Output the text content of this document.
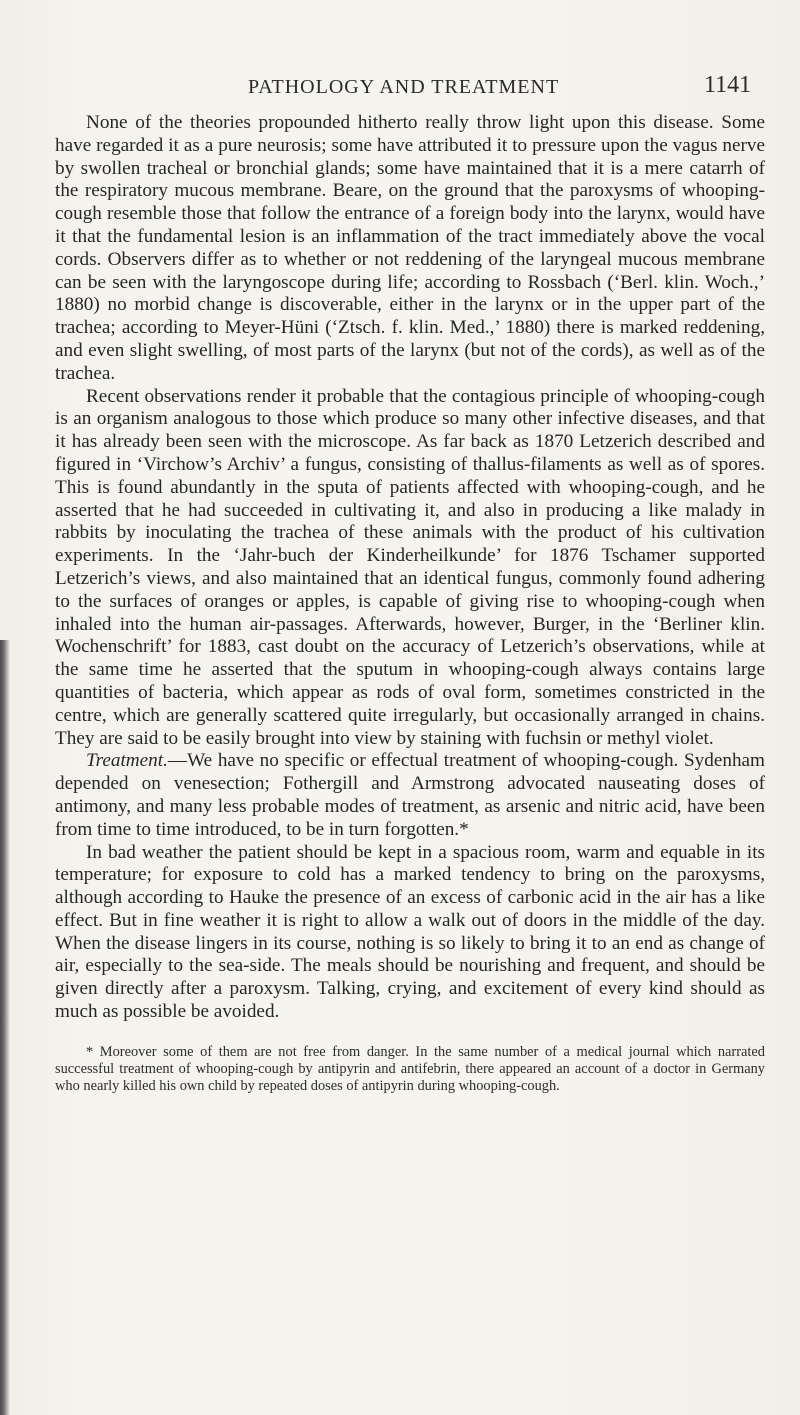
PATHOLOGY AND TREATMENT	1141

None of the theories propounded hitherto really throw light upon this disease. Some have regarded it as a pure neurosis; some have attributed it to pressure upon the vagus nerve by swollen tracheal or bronchial glands; some have maintained that it is a mere catarrh of the respiratory mucous membrane. Beare, on the ground that the paroxysms of whooping-cough resemble those that follow the entrance of a foreign body into the larynx, would have it that the fundamental lesion is an inflammation of the tract immediately above the vocal cords. Observers differ as to whether or not reddening of the laryngeal mucous membrane can be seen with the laryngoscope during life; according to Rossbach (‘Berl. klin. Woch.,’ 1880) no morbid change is discoverable, either in the larynx or in the upper part of the trachea; according to Meyer-Hüni (‘Ztsch. f. klin. Med.,’ 1880) there is marked reddening, and even slight swelling, of most parts of the larynx (but not of the cords), as well as of the trachea.

Recent observations render it probable that the contagious principle of whooping-cough is an organism analogous to those which produce so many other infective diseases, and that it has already been seen with the microscope. As far back as 1870 Letzerich described and figured in ‘Virchow’s Archiv’ a fungus, consisting of thallus-filaments as well as of spores. This is found abundantly in the sputa of patients affected with whooping-cough, and he asserted that he had succeeded in cultivating it, and also in producing a like malady in rabbits by inoculating the trachea of these animals with the product of his cultivation experiments. In the ‘Jahr-buch der Kinderheilkunde’ for 1876 Tschamer supported Letzerich’s views, and also maintained that an identical fungus, commonly found adhering to the surfaces of oranges or apples, is capable of giving rise to whooping-cough when inhaled into the human air-passages. Afterwards, however, Burger, in the ‘Berliner klin. Wochenschrift’ for 1883, cast doubt on the accuracy of Letzerich’s observations, while at the same time he asserted that the sputum in whooping-cough always contains large quantities of bacteria, which appear as rods of oval form, sometimes constricted in the centre, which are generally scattered quite irregularly, but occasionally arranged in chains. They are said to be easily brought into view by staining with fuchsin or methyl violet.

Treatment.—We have no specific or effectual treatment of whooping-cough. Sydenham depended on venesection; Fothergill and Armstrong advocated nauseating doses of antimony, and many less probable modes of treatment, as arsenic and nitric acid, have been from time to time introduced, to be in turn forgotten.*

In bad weather the patient should be kept in a spacious room, warm and equable in its temperature; for exposure to cold has a marked tendency to bring on the paroxysms, although according to Hauke the presence of an excess of carbonic acid in the air has a like effect. But in fine weather it is right to allow a walk out of doors in the middle of the day. When the disease lingers in its course, nothing is so likely to bring it to an end as change of air, especially to the sea-side. The meals should be nourishing and frequent, and should be given directly after a paroxysm. Talking, crying, and excitement of every kind should as much as possible be avoided.

* Moreover some of them are not free from danger. In the same number of a medical journal which narrated successful treatment of whooping-cough by antipyrin and antifebrin, there appeared an account of a doctor in Germany who nearly killed his own child by repeated doses of antipyrin during whooping-cough.
